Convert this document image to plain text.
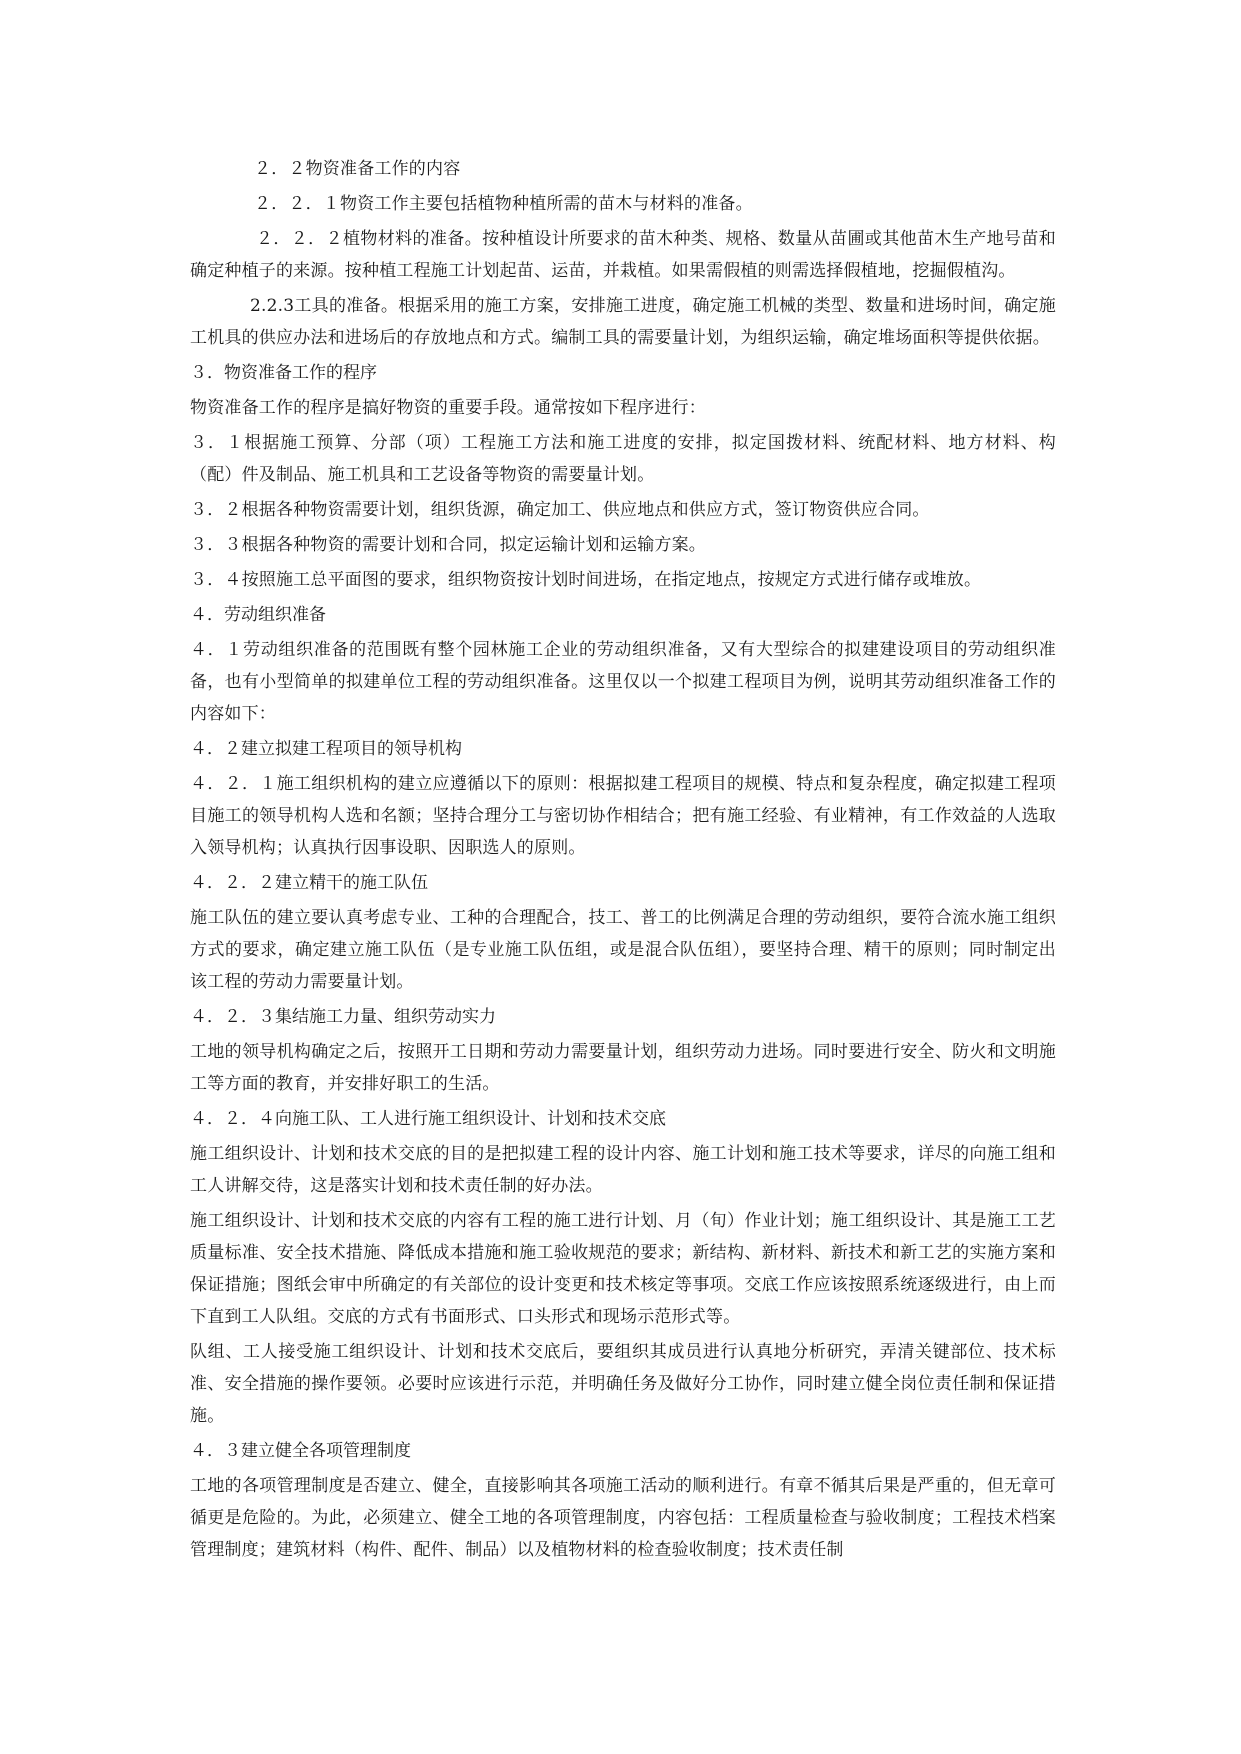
２．２物资准备工作的内容

２．２．１物资工作主要包括植物种植所需的苗木与材料的准备。

２．２．２植物材料的准备。按种植设计所要求的苗木种类、规格、数量从苗圃或其他苗木生产地号苗和确定种植子的来源。按种植工程施工计划起苗、运苗，并栽植。如果需假植的则需选择假植地，挖掘假植沟。

2.2.3工具的准备。根据采用的施工方案，安排施工进度，确定施工机械的类型、数量和进场时间，确定施工机具的供应办法和进场后的存放地点和方式。编制工具的需要量计划，为组织运输，确定堆场面积等提供依据。

３．物资准备工作的程序

物资准备工作的程序是搞好物资的重要手段。通常按如下程序进行：

３．１根据施工预算、分部（项）工程施工方法和施工进度的安排，拟定国拨材料、统配材料、地方材料、构（配）件及制品、施工机具和工艺设备等物资的需要量计划。

３．２根据各种物资需要计划，组织货源，确定加工、供应地点和供应方式，签订物资供应合同。

３．３根据各种物资的需要计划和合同，拟定运输计划和运输方案。

３．４按照施工总平面图的要求，组织物资按计划时间进场，在指定地点，按规定方式进行储存或堆放。

４．劳动组织准备

４．１劳动组织准备的范围既有整个园林施工企业的劳动组织准备，又有大型综合的拟建建设项目的劳动组织准备，也有小型简单的拟建单位工程的劳动组织准备。这里仅以一个拟建工程项目为例，说明其劳动组织准备工作的内容如下：

４．２建立拟建工程项目的领导机构

４．２．１施工组织机构的建立应遵循以下的原则：根据拟建工程项目的规模、特点和复杂程度，确定拟建工程项目施工的领导机构人选和名额；坚持合理分工与密切协作相结合；把有施工经验、有业精神，有工作效益的人选取入领导机构；认真执行因事设职、因职选人的原则。

４．２．２建立精干的施工队伍

施工队伍的建立要认真考虑专业、工种的合理配合，技工、普工的比例满足合理的劳动组织，要符合流水施工组织方式的要求，确定建立施工队伍（是专业施工队伍组，或是混合队伍组），要坚持合理、精干的原则；同时制定出该工程的劳动力需要量计划。

４．２．３集结施工力量、组织劳动实力

工地的领导机构确定之后，按照开工日期和劳动力需要量计划，组织劳动力进场。同时要进行安全、防火和文明施工等方面的教育，并安排好职工的生活。

４．２．４向施工队、工人进行施工组织设计、计划和技术交底

施工组织设计、计划和技术交底的目的是把拟建工程的设计内容、施工计划和施工技术等要求，详尽的向施工组和工人讲解交待，这是落实计划和技术责任制的好办法。

施工组织设计、计划和技术交底的内容有工程的施工进行计划、月（旬）作业计划；施工组织设计、其是施工工艺质量标准、安全技术措施、降低成本措施和施工验收规范的要求；新结构、新材料、新技术和新工艺的实施方案和保证措施；图纸会审中所确定的有关部位的设计变更和技术核定等事项。交底工作应该按照系统逐级进行，由上而下直到工人队组。交底的方式有书面形式、口头形式和现场示范形式等。

队组、工人接受施工组织设计、计划和技术交底后，要组织其成员进行认真地分析研究，弄清关键部位、技术标准、安全措施的操作要领。必要时应该进行示范，并明确任务及做好分工协作，同时建立健全岗位责任制和保证措施。

４．３建立健全各项管理制度

工地的各项管理制度是否建立、健全，直接影响其各项施工活动的顺利进行。有章不循其后果是严重的，但无章可循更是危险的。为此，必须建立、健全工地的各项管理制度，内容包括：工程质量检查与验收制度；工程技术档案管理制度；建筑材料（构件、配件、制品）以及植物材料的检查验收制度；技术责任制
